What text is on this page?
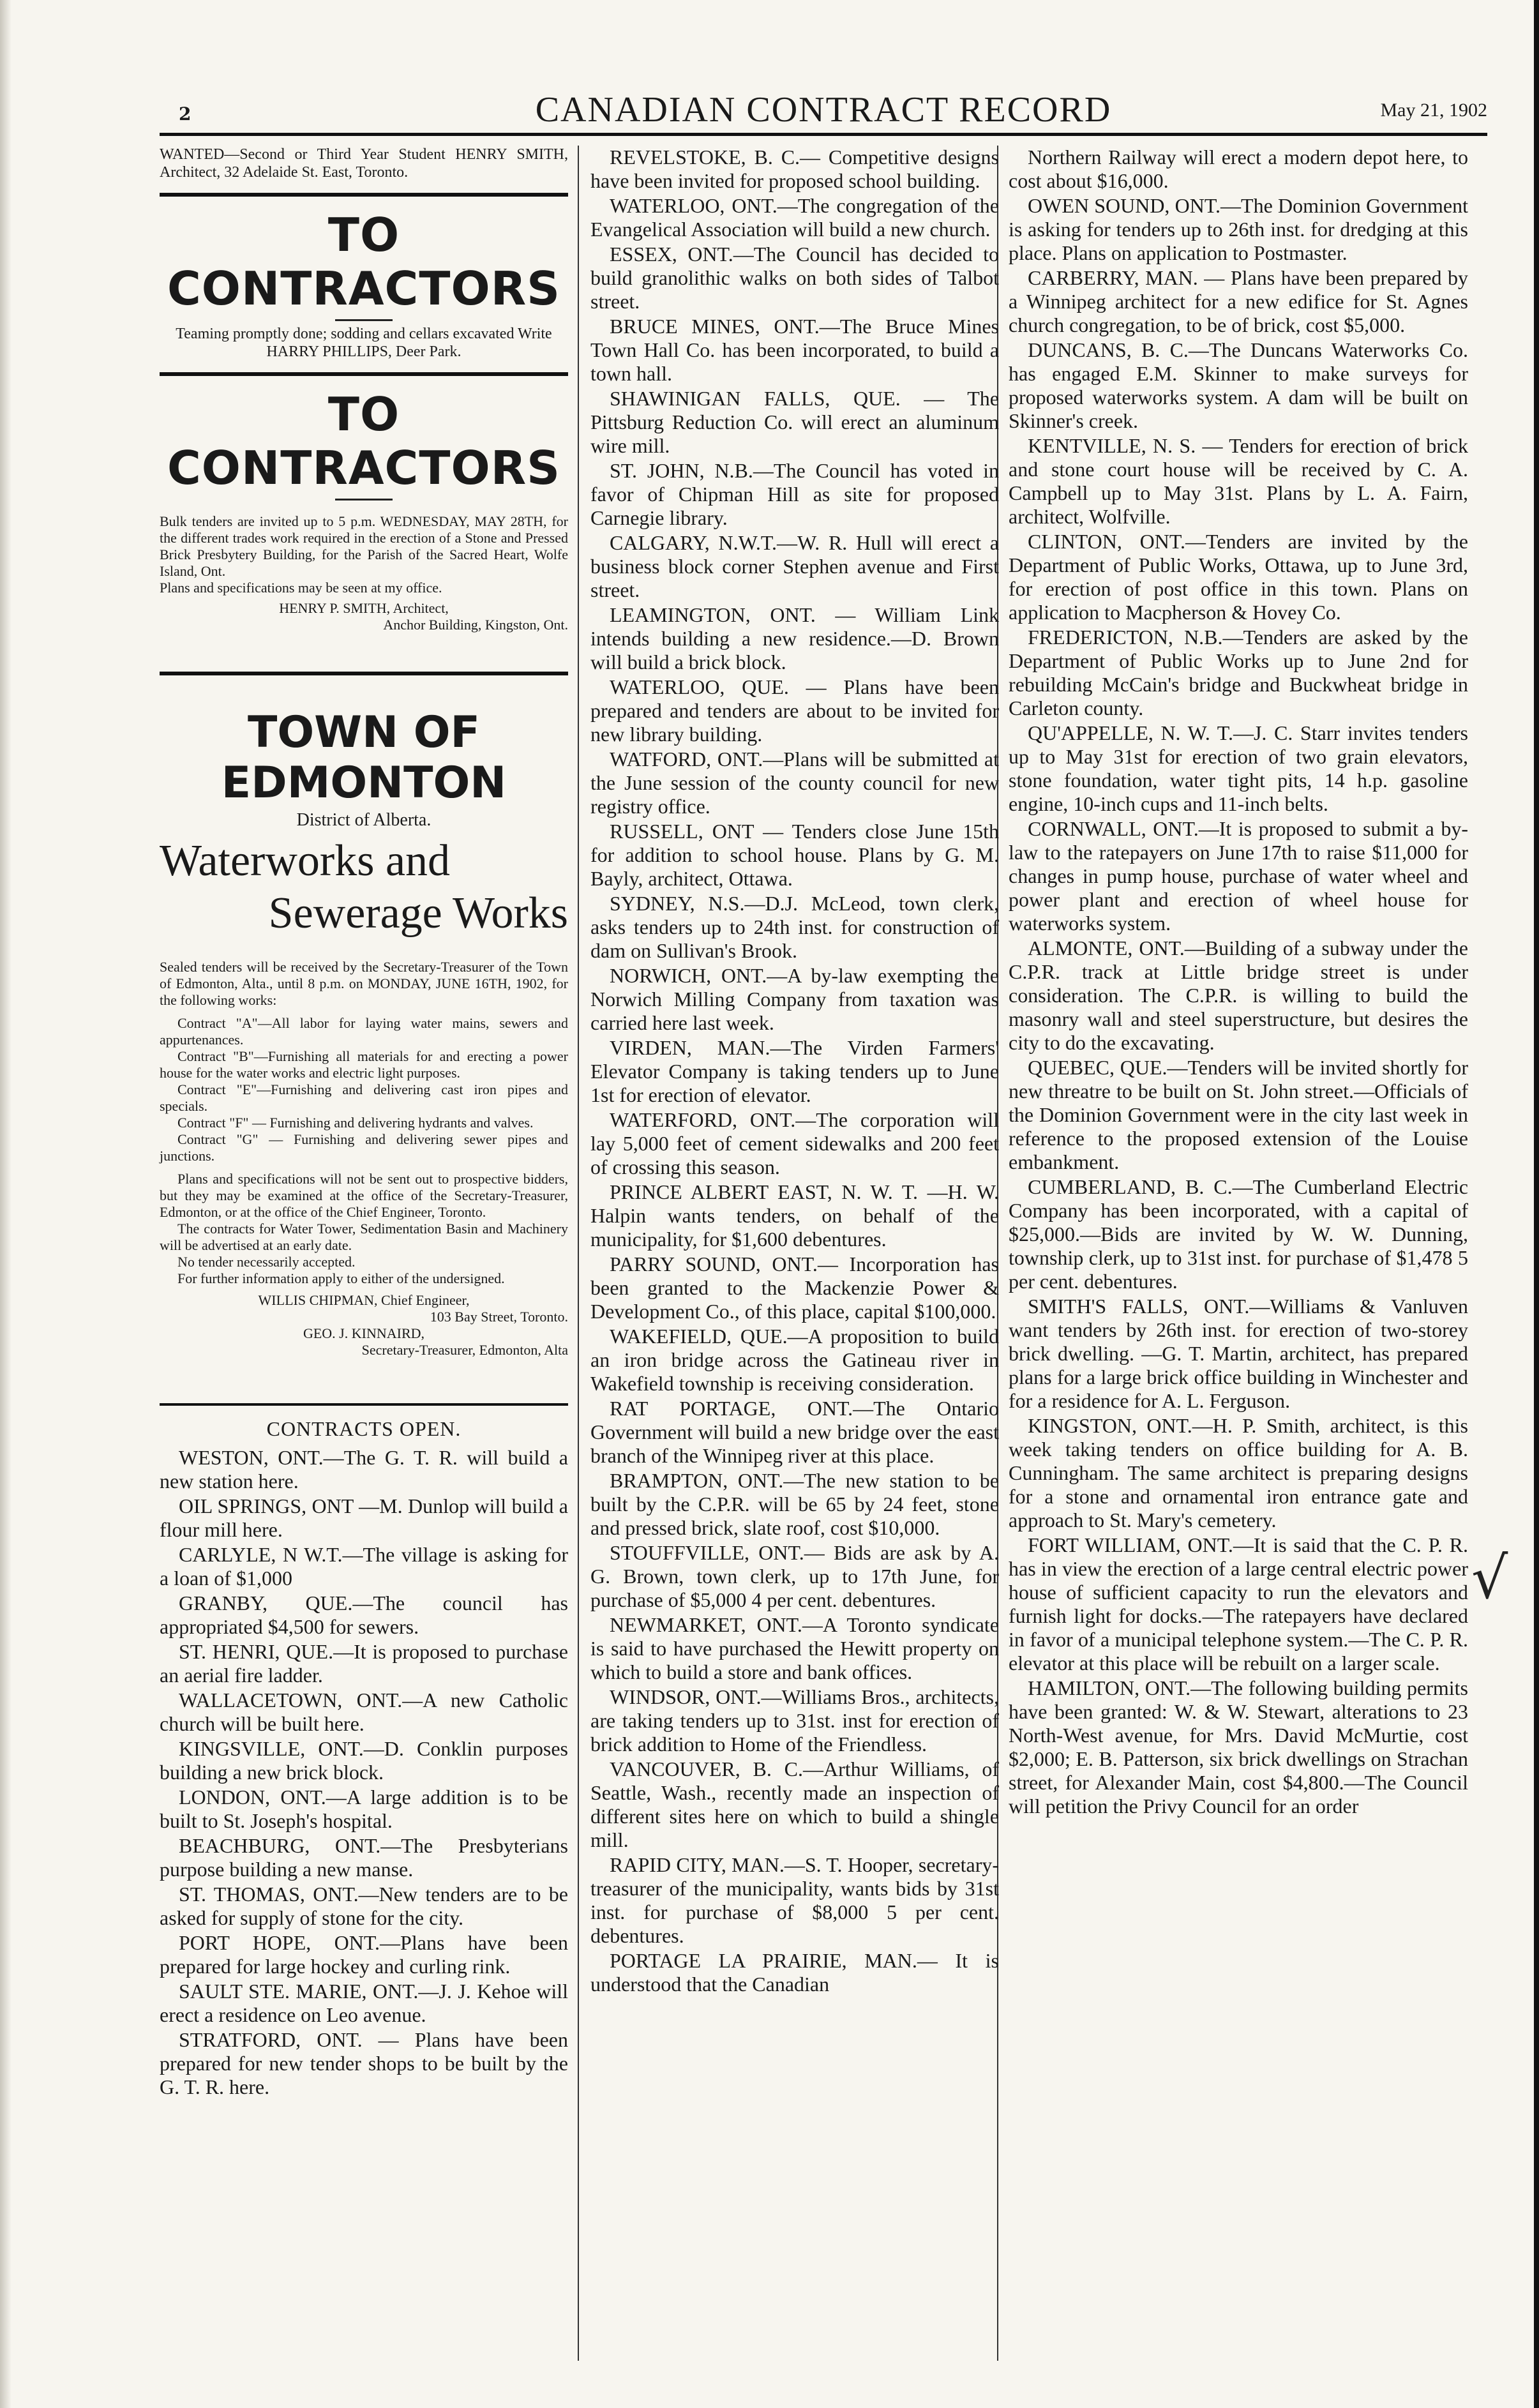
2	CANADIAN CONTRACT RECORD	May 21, 1902

WANTED—Second or Third Year Student HENRY SMITH, Architect, 32 Adelaide St. East, Toronto.

TO CONTRACTORS

Teaming promptly done; sodding and cellars excavated Write HARRY PHILLIPS, Deer Park.

TO CONTRACTORS

Bulk tenders are invited up to 5 p.m. WEDNESDAY, MAY 28TH, for the different trades work required in the erection of a Stone and Pressed Brick Presbytery Building, for the Parish of the Sacred Heart, Wolfe Island, Ont.

Plans and specifications may be seen at my office.

HENRY P. SMITH, Architect,

Anchor Building, Kingston, Ont.

TOWN OF EDMONTON

District of Alberta.

Waterworks and

Sewerage Works

Sealed tenders will be received by the Secretary-Treasurer of the Town of Edmonton, Alta., until 8 p.m. on MONDAY, JUNE 16TH, 1902, for the following works:

Contract "A"—All labor for laying water mains, sewers and appurtenances.

Contract "B"—Furnishing all materials for and erecting a power house for the water works and electric light purposes.

Contract "E"—Furnishing and delivering cast iron pipes and specials.

Contract "F" — Furnishing and delivering hydrants and valves.

Contract "G" — Furnishing and delivering sewer pipes and junctions.

Plans and specifications will not be sent out to prospective bidders, but they may be examined at the office of the Secretary-Treasurer, Edmonton, or at the office of the Chief Engineer, Toronto.

The contracts for Water Tower, Sedimentation Basin and Machinery will be advertised at an early date.

No tender necessarily accepted.

For further information apply to either of the undersigned.

WILLIS CHIPMAN, Chief Engineer,

103 Bay Street, Toronto.

GEO. J. KINNAIRD,

Secretary-Treasurer, Edmonton, Alta

CONTRACTS OPEN.

WESTON, ONT.—The G. T. R. will build a new station here.

OIL SPRINGS, ONT —M. Dunlop will build a flour mill here.

CARLYLE, N W.T.—The village is asking for a loan of $1,000

GRANBY, QUE.—The council has appropriated $4,500 for sewers.

ST. HENRI, QUE.—It is proposed to purchase an aerial fire ladder.

WALLACETOWN, ONT.—A new Catholic church will be built here.

KINGSVILLE, ONT.—D. Conklin purposes building a new brick block.

LONDON, ONT.—A large addition is to be built to St. Joseph's hospital.

BEACHBURG, ONT.—The Presbyterians purpose building a new manse.

ST. THOMAS, ONT.—New tenders are to be asked for supply of stone for the city.

PORT HOPE, ONT.—Plans have been prepared for large hockey and curling rink.

SAULT STE. MARIE, ONT.—J. J. Kehoe will erect a residence on Leo avenue.

STRATFORD, ONT. — Plans have been prepared for new tender shops to be built by the G. T. R. here.

REVELSTOKE, B. C.— Competitive designs have been invited for proposed school building.

WATERLOO, ONT.—The congregation of the Evangelical Association will build a new church.

ESSEX, ONT.—The Council has decided to build granolithic walks on both sides of Talbot street.

BRUCE MINES, ONT.—The Bruce Mines Town Hall Co. has been incorporated, to build a town hall.

SHAWINIGAN FALLS, QUE. — The Pittsburg Reduction Co. will erect an aluminum wire mill.

ST. JOHN, N.B.—The Council has voted in favor of Chipman Hill as site for proposed Carnegie library.

CALGARY, N.W.T.—W. R. Hull will erect a business block corner Stephen avenue and First street.

LEAMINGTON, ONT. — William Link intends building a new residence.—D. Brown will build a brick block.

WATERLOO, QUE. — Plans have been prepared and tenders are about to be invited for new library building.

WATFORD, ONT.—Plans will be submitted at the June session of the county council for new registry office.

RUSSELL, ONT — Tenders close June 15th for addition to school house. Plans by G. M. Bayly, architect, Ottawa.

SYDNEY, N.S.—D.J. McLeod, town clerk, asks tenders up to 24th inst. for construction of dam on Sullivan's Brook.

NORWICH, ONT.—A by-law exempting the Norwich Milling Company from taxation was carried here last week.

VIRDEN, MAN.—The Virden Farmers' Elevator Company is taking tenders up to June 1st for erection of elevator.

WATERFORD, ONT.—The corporation will lay 5,000 feet of cement sidewalks and 200 feet of crossing this season.

PRINCE ALBERT EAST, N. W. T. —H. W. Halpin wants tenders, on behalf of the municipality, for $1,600 debentures.

PARRY SOUND, ONT.— Incorporation has been granted to the Mackenzie Power & Development Co., of this place, capital $100,000.

WAKEFIELD, QUE.—A proposition to build an iron bridge across the Gatineau river in Wakefield township is receiving consideration.

RAT PORTAGE, ONT.—The Ontario Government will build a new bridge over the east branch of the Winnipeg river at this place.

BRAMPTON, ONT.—The new station to be built by the C.P.R. will be 65 by 24 feet, stone and pressed brick, slate roof, cost $10,000.

STOUFFVILLE, ONT.— Bids are ask by A. G. Brown, town clerk, up to 17th June, for purchase of $5,000 4 per cent. debentures.

NEWMARKET, ONT.—A Toronto syndicate is said to have purchased the Hewitt property on which to build a store and bank offices.

WINDSOR, ONT.—Williams Bros., architects, are taking tenders up to 31st. inst for erection of brick addition to Home of the Friendless.

VANCOUVER, B. C.—Arthur Williams, of Seattle, Wash., recently made an inspection of different sites here on which to build a shingle mill.

RAPID CITY, MAN.—S. T. Hooper, secretary-treasurer of the municipality, wants bids by 31st inst. for purchase of $8,000 5 per cent. debentures.

PORTAGE LA PRAIRIE, MAN.— It is understood that the Canadian

Northern Railway will erect a modern depot here, to cost about $16,000.

OWEN SOUND, ONT.—The Dominion Government is asking for tenders up to 26th inst. for dredging at this place. Plans on application to Postmaster.

CARBERRY, MAN. — Plans have been prepared by a Winnipeg architect for a new edifice for St. Agnes church congregation, to be of brick, cost $5,000.

DUNCANS, B. C.—The Duncans Waterworks Co. has engaged E.M. Skinner to make surveys for proposed waterworks system. A dam will be built on Skinner's creek.

KENTVILLE, N. S. — Tenders for erection of brick and stone court house will be received by C. A. Campbell up to May 31st. Plans by L. A. Fairn, architect, Wolfville.

CLINTON, ONT.—Tenders are invited by the Department of Public Works, Ottawa, up to June 3rd, for erection of post office in this town. Plans on application to Macpherson & Hovey Co.

FREDERICTON, N.B.—Tenders are asked by the Department of Public Works up to June 2nd for rebuilding McCain's bridge and Buckwheat bridge in Carleton county.

QU'APPELLE, N. W. T.—J. C. Starr invites tenders up to May 31st for erection of two grain elevators, stone foundation, water tight pits, 14 h.p. gasoline engine, 10-inch cups and 11-inch belts.

CORNWALL, ONT.—It is proposed to submit a by-law to the ratepayers on June 17th to raise $11,000 for changes in pump house, purchase of water wheel and power plant and erection of wheel house for waterworks system.

ALMONTE, ONT.—Building of a subway under the C.P.R. track at Little bridge street is under consideration. The C.P.R. is willing to build the masonry wall and steel superstructure, but desires the city to do the excavating.

QUEBEC, QUE.—Tenders will be invited shortly for new threatre to be built on St. John street.—Officials of the Dominion Government were in the city last week in reference to the proposed extension of the Louise embankment.

CUMBERLAND, B. C.—The Cumberland Electric Company has been incorporated, with a capital of $25,000.—Bids are invited by W. W. Dunning, township clerk, up to 31st inst. for purchase of $1,478 5 per cent. debentures.

SMITH'S FALLS, ONT.—Williams & Vanluven want tenders by 26th inst. for erection of two-storey brick dwelling. —G. T. Martin, architect, has prepared plans for a large brick office building in Winchester and for a residence for A. L. Ferguson.

KINGSTON, ONT.—H. P. Smith, architect, is this week taking tenders on office building for A. B. Cunningham. The same architect is preparing designs for a stone and ornamental iron entrance gate and approach to St. Mary's cemetery.

FORT WILLIAM, ONT.—It is said that the C. P. R. has in view the erection of a large central electric power house of sufficient capacity to run the elevators and furnish light for docks.—The ratepayers have declared in favor of a municipal telephone system.—The C. P. R. elevator at this place will be rebuilt on a larger scale.

HAMILTON, ONT.—The following building permits have been granted: W. & W. Stewart, alterations to 23 North-West avenue, for Mrs. David McMurtie, cost $2,000; E. B. Patterson, six brick dwellings on Strachan street, for Alexander Main, cost $4,800.—The Council will petition the Privy Council for an order

√
